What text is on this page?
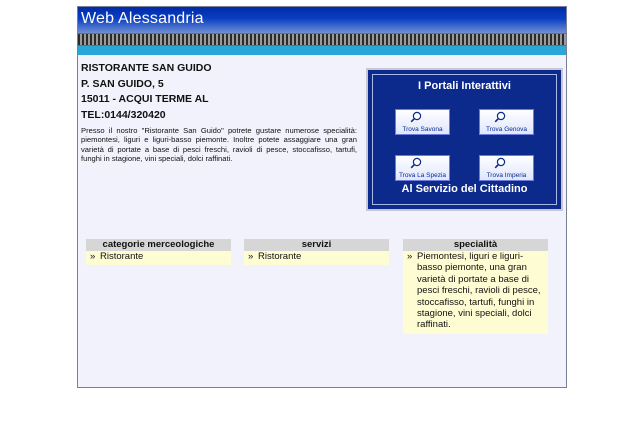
Web Alessandria
RISTORANTE SAN GUIDO
P. SAN GUIDO, 5
15011 - ACQUI TERME AL
TEL:0144/320420
Presso il nostro "Ristorante San Guido" potrete gustare numerose specialità: piemontesi, liguri e liguri-basso piemonte. Inoltre potete assaggiare una gran varietà di portate a base di pesci freschi, ravioli di pesce, stoccafisso, tartufi, funghi in stagione, vini speciali, dolci raffinati.
I Portali Interattivi
Trova Savona	Trova Genova
Trova La Spezia	Trova Imperia
Al Servizio del Cittadino
categorie merceologiche
» Ristorante
servizi
» Ristorante
specialità
» Piemontesi, liguri e liguri-basso piemonte, una gran varietà di portate a base di pesci freschi, ravioli di pesce, stoccafisso, tartufi, funghi in stagione, vini speciali, dolci raffinati.
